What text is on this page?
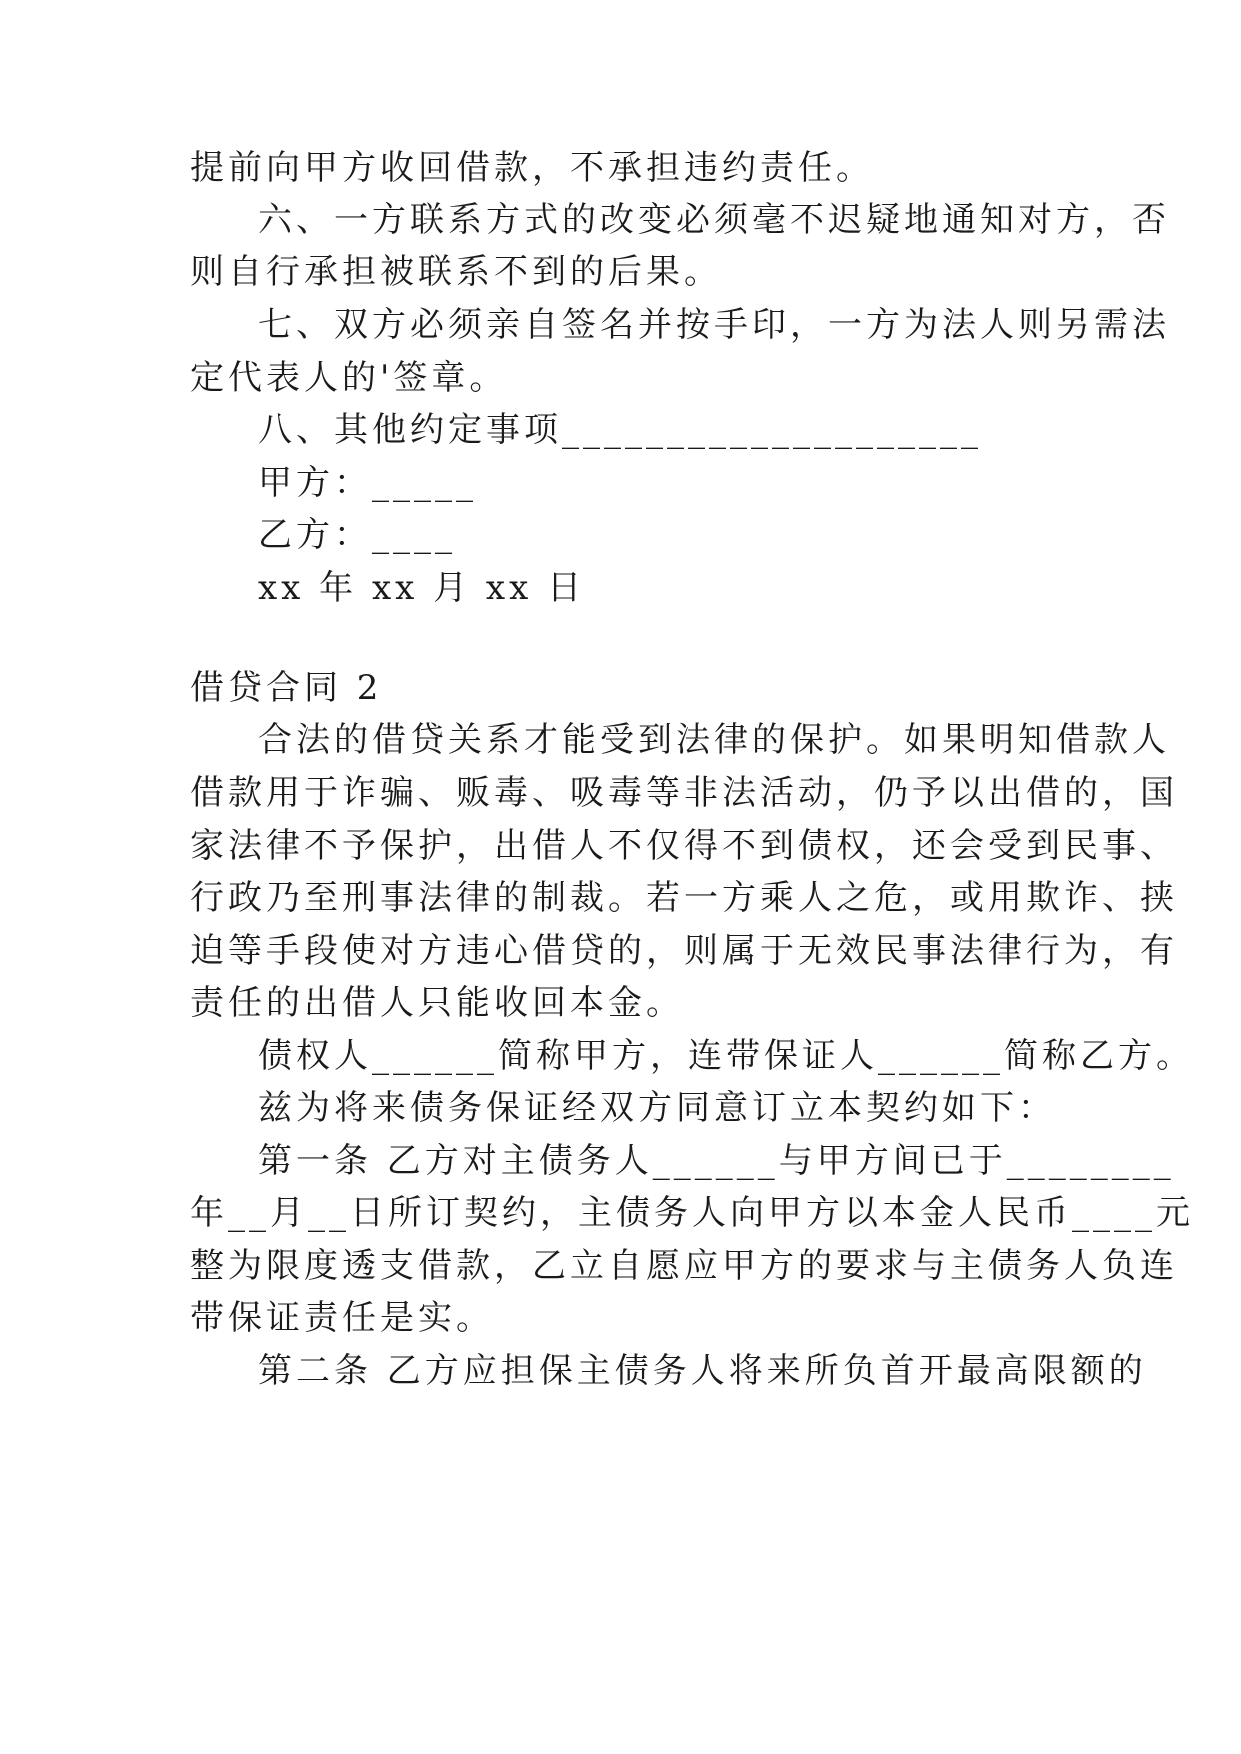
提前向甲方收回借款，不承担违约责任。
六、一方联系方式的改变必须毫不迟疑地通知对方，否
则自行承担被联系不到的后果。
七、双方必须亲自签名并按手印，一方为法人则另需法
定代表人的'签章。
八、其他约定事项____________________
甲方：_____
乙方：____
xx 年 xx 月 xx 日
借贷合同 2
合法的借贷关系才能受到法律的保护。如果明知借款人
借款用于诈骗、贩毒、吸毒等非法活动，仍予以出借的，国
家法律不予保护，出借人不仅得不到债权，还会受到民事、
行政乃至刑事法律的制裁。若一方乘人之危，或用欺诈、挟
迫等手段使对方违心借贷的，则属于无效民事法律行为，有
责任的出借人只能收回本金。
债权人______简称甲方，连带保证人______简称乙方。
兹为将来债务保证经双方同意订立本契约如下：
第一条 乙方对主债务人______与甲方间已于________
年__月__日所订契约，主债务人向甲方以本金人民币____元
整为限度透支借款，乙立自愿应甲方的要求与主债务人负连
带保证责任是实。
第二条 乙方应担保主债务人将来所负首开最高限额的
